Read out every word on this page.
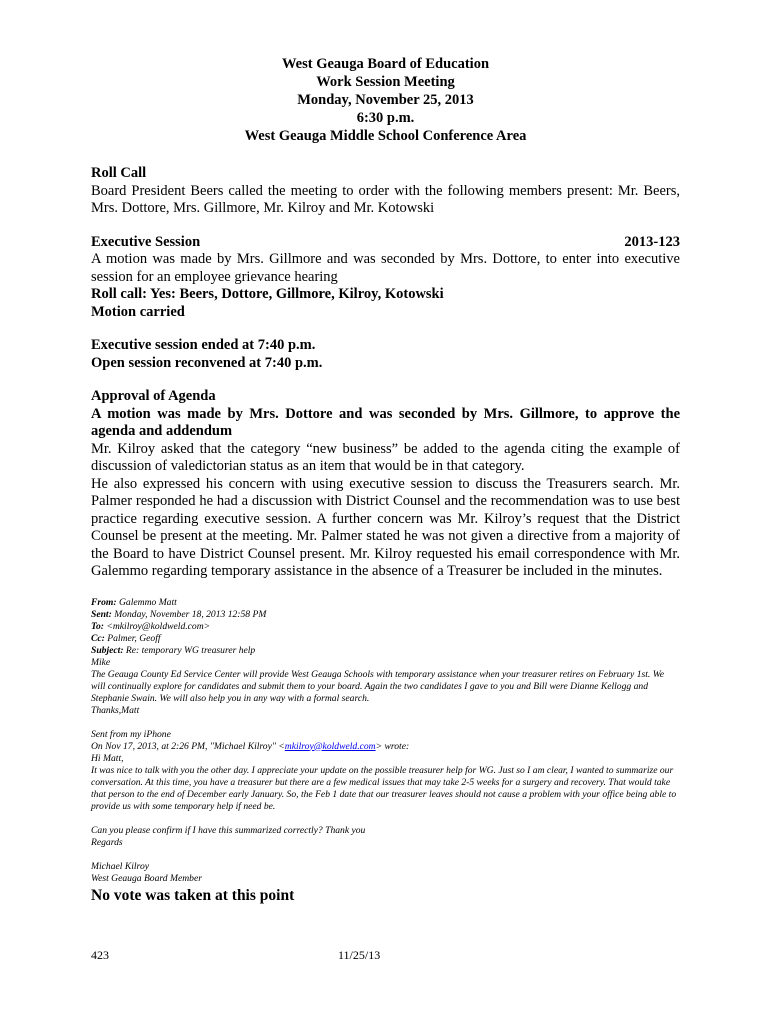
West Geauga Board of Education
Work Session Meeting
Monday, November 25, 2013
6:30 p.m.
West Geauga Middle School Conference Area
Roll Call
Board President Beers called the meeting to order with the following members present: Mr. Beers, Mrs. Dottore, Mrs. Gillmore, Mr. Kilroy and Mr. Kotowski
Executive Session	2013-123
A motion was made by Mrs. Gillmore and was seconded by Mrs. Dottore, to enter into executive session for an employee grievance hearing
Roll call: Yes: Beers, Dottore, Gillmore, Kilroy, Kotowski
Motion carried
Executive session ended at 7:40 p.m.
Open session reconvened at 7:40 p.m.
Approval of Agenda
A motion was made by Mrs. Dottore and was seconded by Mrs. Gillmore, to approve the agenda and addendum
Mr. Kilroy asked that the category “new business” be added to the agenda citing the example of discussion of valedictorian status as an item that would be in that category.
He also expressed his concern with using executive session to discuss the Treasurers search. Mr. Palmer responded he had a discussion with District Counsel and the recommendation was to use best practice regarding executive session. A further concern was Mr. Kilroy’s request that the District Counsel be present at the meeting. Mr. Palmer stated he was not given a directive from a majority of the Board to have District Counsel present. Mr. Kilroy requested his email correspondence with Mr. Galemmo regarding temporary assistance in the absence of a Treasurer be included in the minutes.
From: Galemmo Matt
Sent: Monday, November 18, 2013 12:58 PM
To: <mkilroy@koldweld.com>
Cc: Palmer, Geoff
Subject: Re: temporary WG treasurer help
Mike
The Geauga County Ed Service Center will provide West Geauga Schools with temporary assistance when your treasurer retires on February 1st. We will continually explore for candidates and submit them to your board. Again the two candidates I gave to you and Bill were Dianne Kellogg and Stephanie Swain. We will also help you in any way with a formal search.
Thanks,Matt
Sent from my iPhone
On Nov 17, 2013, at 2:26 PM, "Michael Kilroy" <mkilroy@koldweld.com> wrote:
Hi Matt,
It was nice to talk with you the other day. I appreciate your update on the possible treasurer help for WG. Just so I am clear, I wanted to summarize our conversation. At this time, you have a treasurer but there are a few medical issues that may take 2-5 weeks for a surgery and recovery. That would take that person to the end of December early January. So, the Feb 1 date that our treasurer leaves should not cause a problem with your office being able to provide us with some temporary help if need be.
Can you please confirm if I have this summarized correctly? Thank you
Regards
Michael Kilroy
West Geauga Board Member
No vote was taken at this point
423	11/25/13
